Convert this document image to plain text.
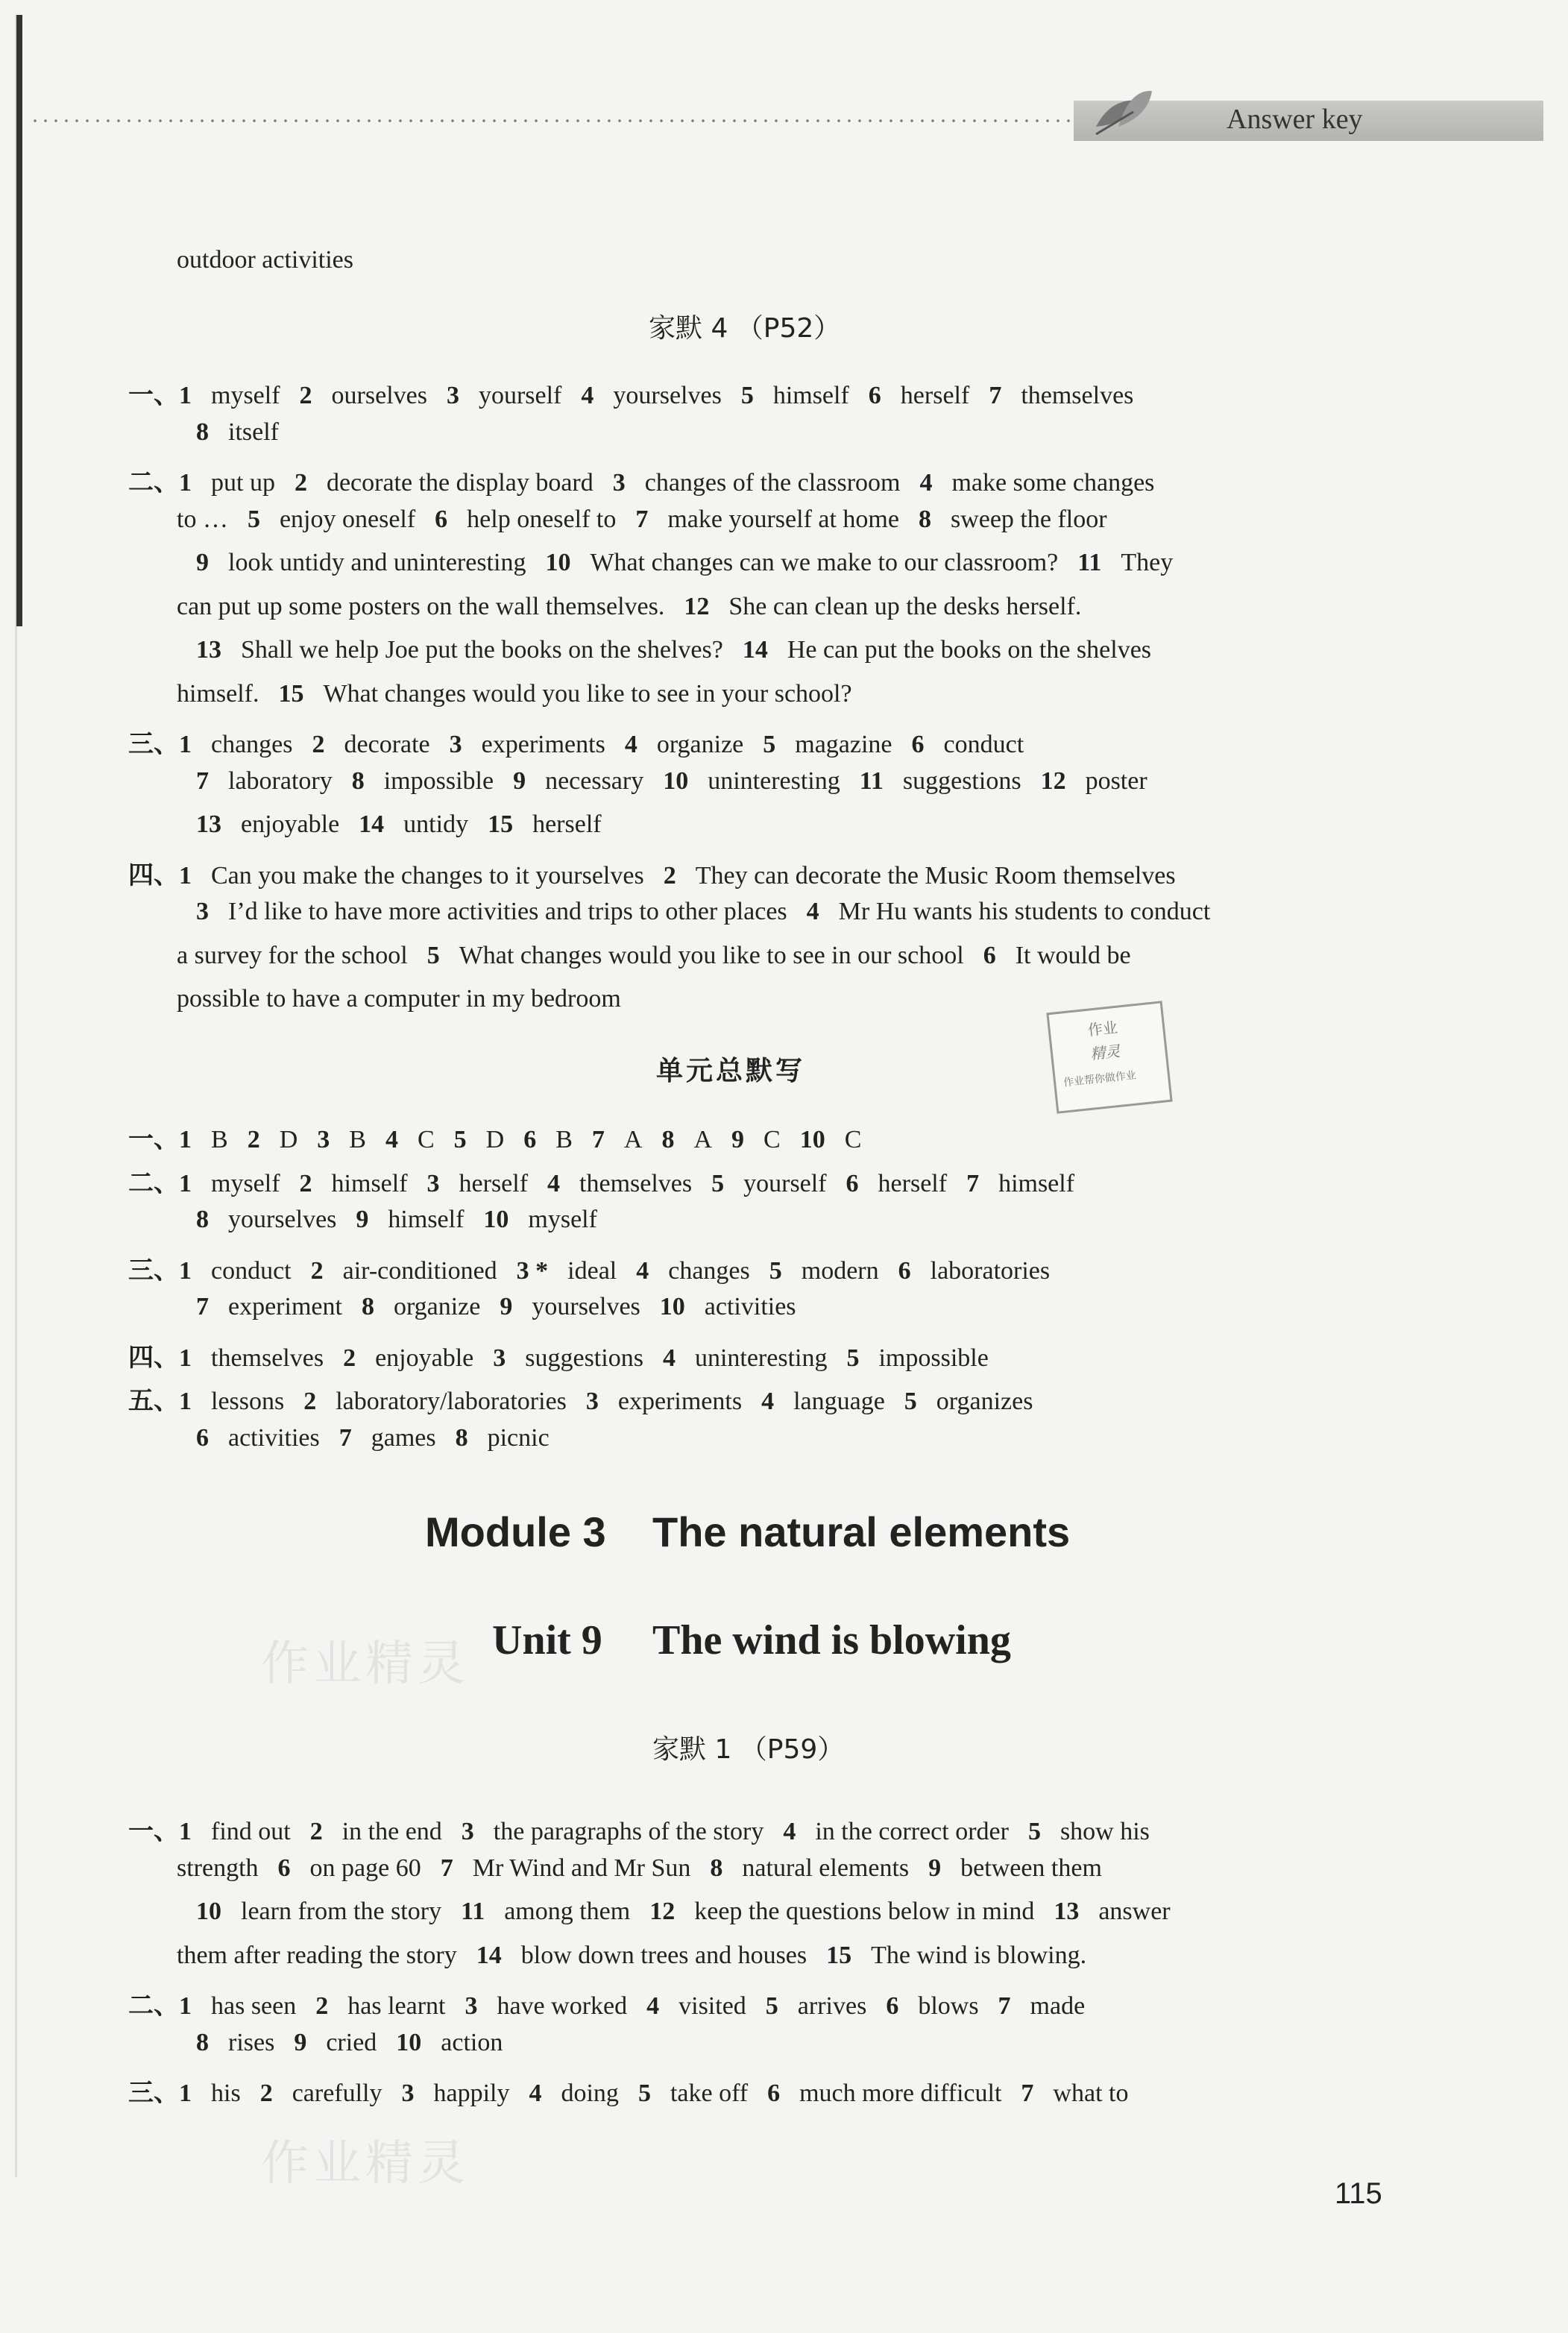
Answer key
outdoor activities
家默 4 （P52）
一、1 myself 2 ourselves 3 yourself 4 yourselves 5 himself 6 herself 7 themselves
8 itself
二、1 put up 2 decorate the display board 3 changes of the classroom 4 make some changes
to … 5 enjoy oneself 6 help oneself to 7 make yourself at home 8 sweep the floor
9 look untidy and uninteresting 10 What changes can we make to our classroom? 11 They
can put up some posters on the wall themselves. 12 She can clean up the desks herself.
13 Shall we help Joe put the books on the shelves? 14 He can put the books on the shelves
himself. 15 What changes would you like to see in your school?
三、1 changes 2 decorate 3 experiments 4 organize 5 magazine 6 conduct
7 laboratory 8 impossible 9 necessary 10 uninteresting 11 suggestions 12 poster
13 enjoyable 14 untidy 15 herself
四、1 Can you make the changes to it yourselves 2 They can decorate the Music Room themselves
3 I’d like to have more activities and trips to other places 4 Mr Hu wants his students to conduct
a survey for the school 5 What changes would you like to see in our school 6 It would be
possible to have a computer in my bedroom
单元总默写
一、1 B 2 D 3 B 4 C 5 D 6 B 7 A 8 A 9 C 10 C
二、1 myself 2 himself 3 herself 4 themselves 5 yourself 6 herself 7 himself
8 yourselves 9 himself 10 myself
三、1 conduct 2 air-conditioned 3 * ideal 4 changes 5 modern 6 laboratories
7 experiment 8 organize 9 yourselves 10 activities
四、1 themselves 2 enjoyable 3 suggestions 4 uninteresting 5 impossible
五、1 lessons 2 laboratory/laboratories 3 experiments 4 language 5 organizes
6 activities 7 games 8 picnic
Module 3 The natural elements
作业精灵 Unit 9 The wind is blowing
家默 1 （P59）
一、1 find out 2 in the end 3 the paragraphs of the story 4 in the correct order 5 show his
strength 6 on page 60 7 Mr Wind and Mr Sun 8 natural elements 9 between them
10 learn from the story 11 among them 12 keep the questions below in mind 13 answer
them after reading the story 14 blow down trees and houses 15 The wind is blowing.
二、1 has seen 2 has learnt 3 have worked 4 visited 5 arrives 6 blows 7 made
8 rises 9 cried 10 action
三、1 his 2 carefully 3 happily 4 doing 5 take off 6 much more difficult 7 what to
作业
精灵
作业帮你做作业
作业精灵
115
